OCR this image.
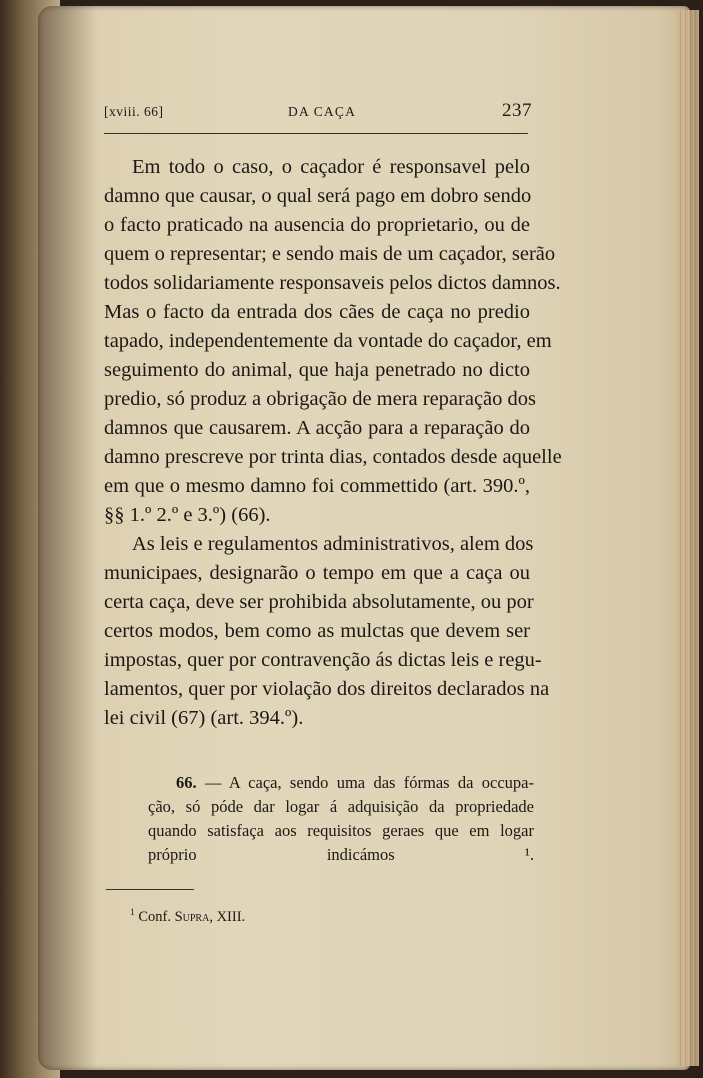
[xviii. 66]	DA CAÇA	237
Em todo o caso, o caçador é responsavel pelo
damno que causar, o qual será pago em dobro sendo
o facto praticado na ausencia do proprietario, ou de
quem o representar; e sendo mais de um caçador, serão
todos solidariamente responsaveis pelos dictos damnos.
Mas o facto da entrada dos cães de caça no predio
tapado, independentemente da vontade do caçador, em
seguimento do animal, que haja penetrado no dicto
predio, só produz a obrigação de mera reparação dos
damnos que causarem. A acção para a reparação do
damno prescreve por trinta dias, contados desde aquelle
em que o mesmo damno foi commettido (art. 390.º,
§§ 1.º 2.º e 3.º) (66).
As leis e regulamentos administrativos, alem dos
municipaes, designarão o tempo em que a caça ou
certa caça, deve ser prohibida absolutamente, ou por
certos modos, bem como as mulctas que devem ser
impostas, quer por contravenção ás dictas leis e regu-
lamentos, quer por violação dos direitos declarados na
lei civil (67) (art. 394.º).
66. — A caça, sendo uma das fórmas da occupa-
ção, só póde dar logar á adquisição da propriedade
quando satisfaça aos requisitos geraes que em logar
próprio indicámos ¹.
$^1$ Conf. Supra, XIII.
